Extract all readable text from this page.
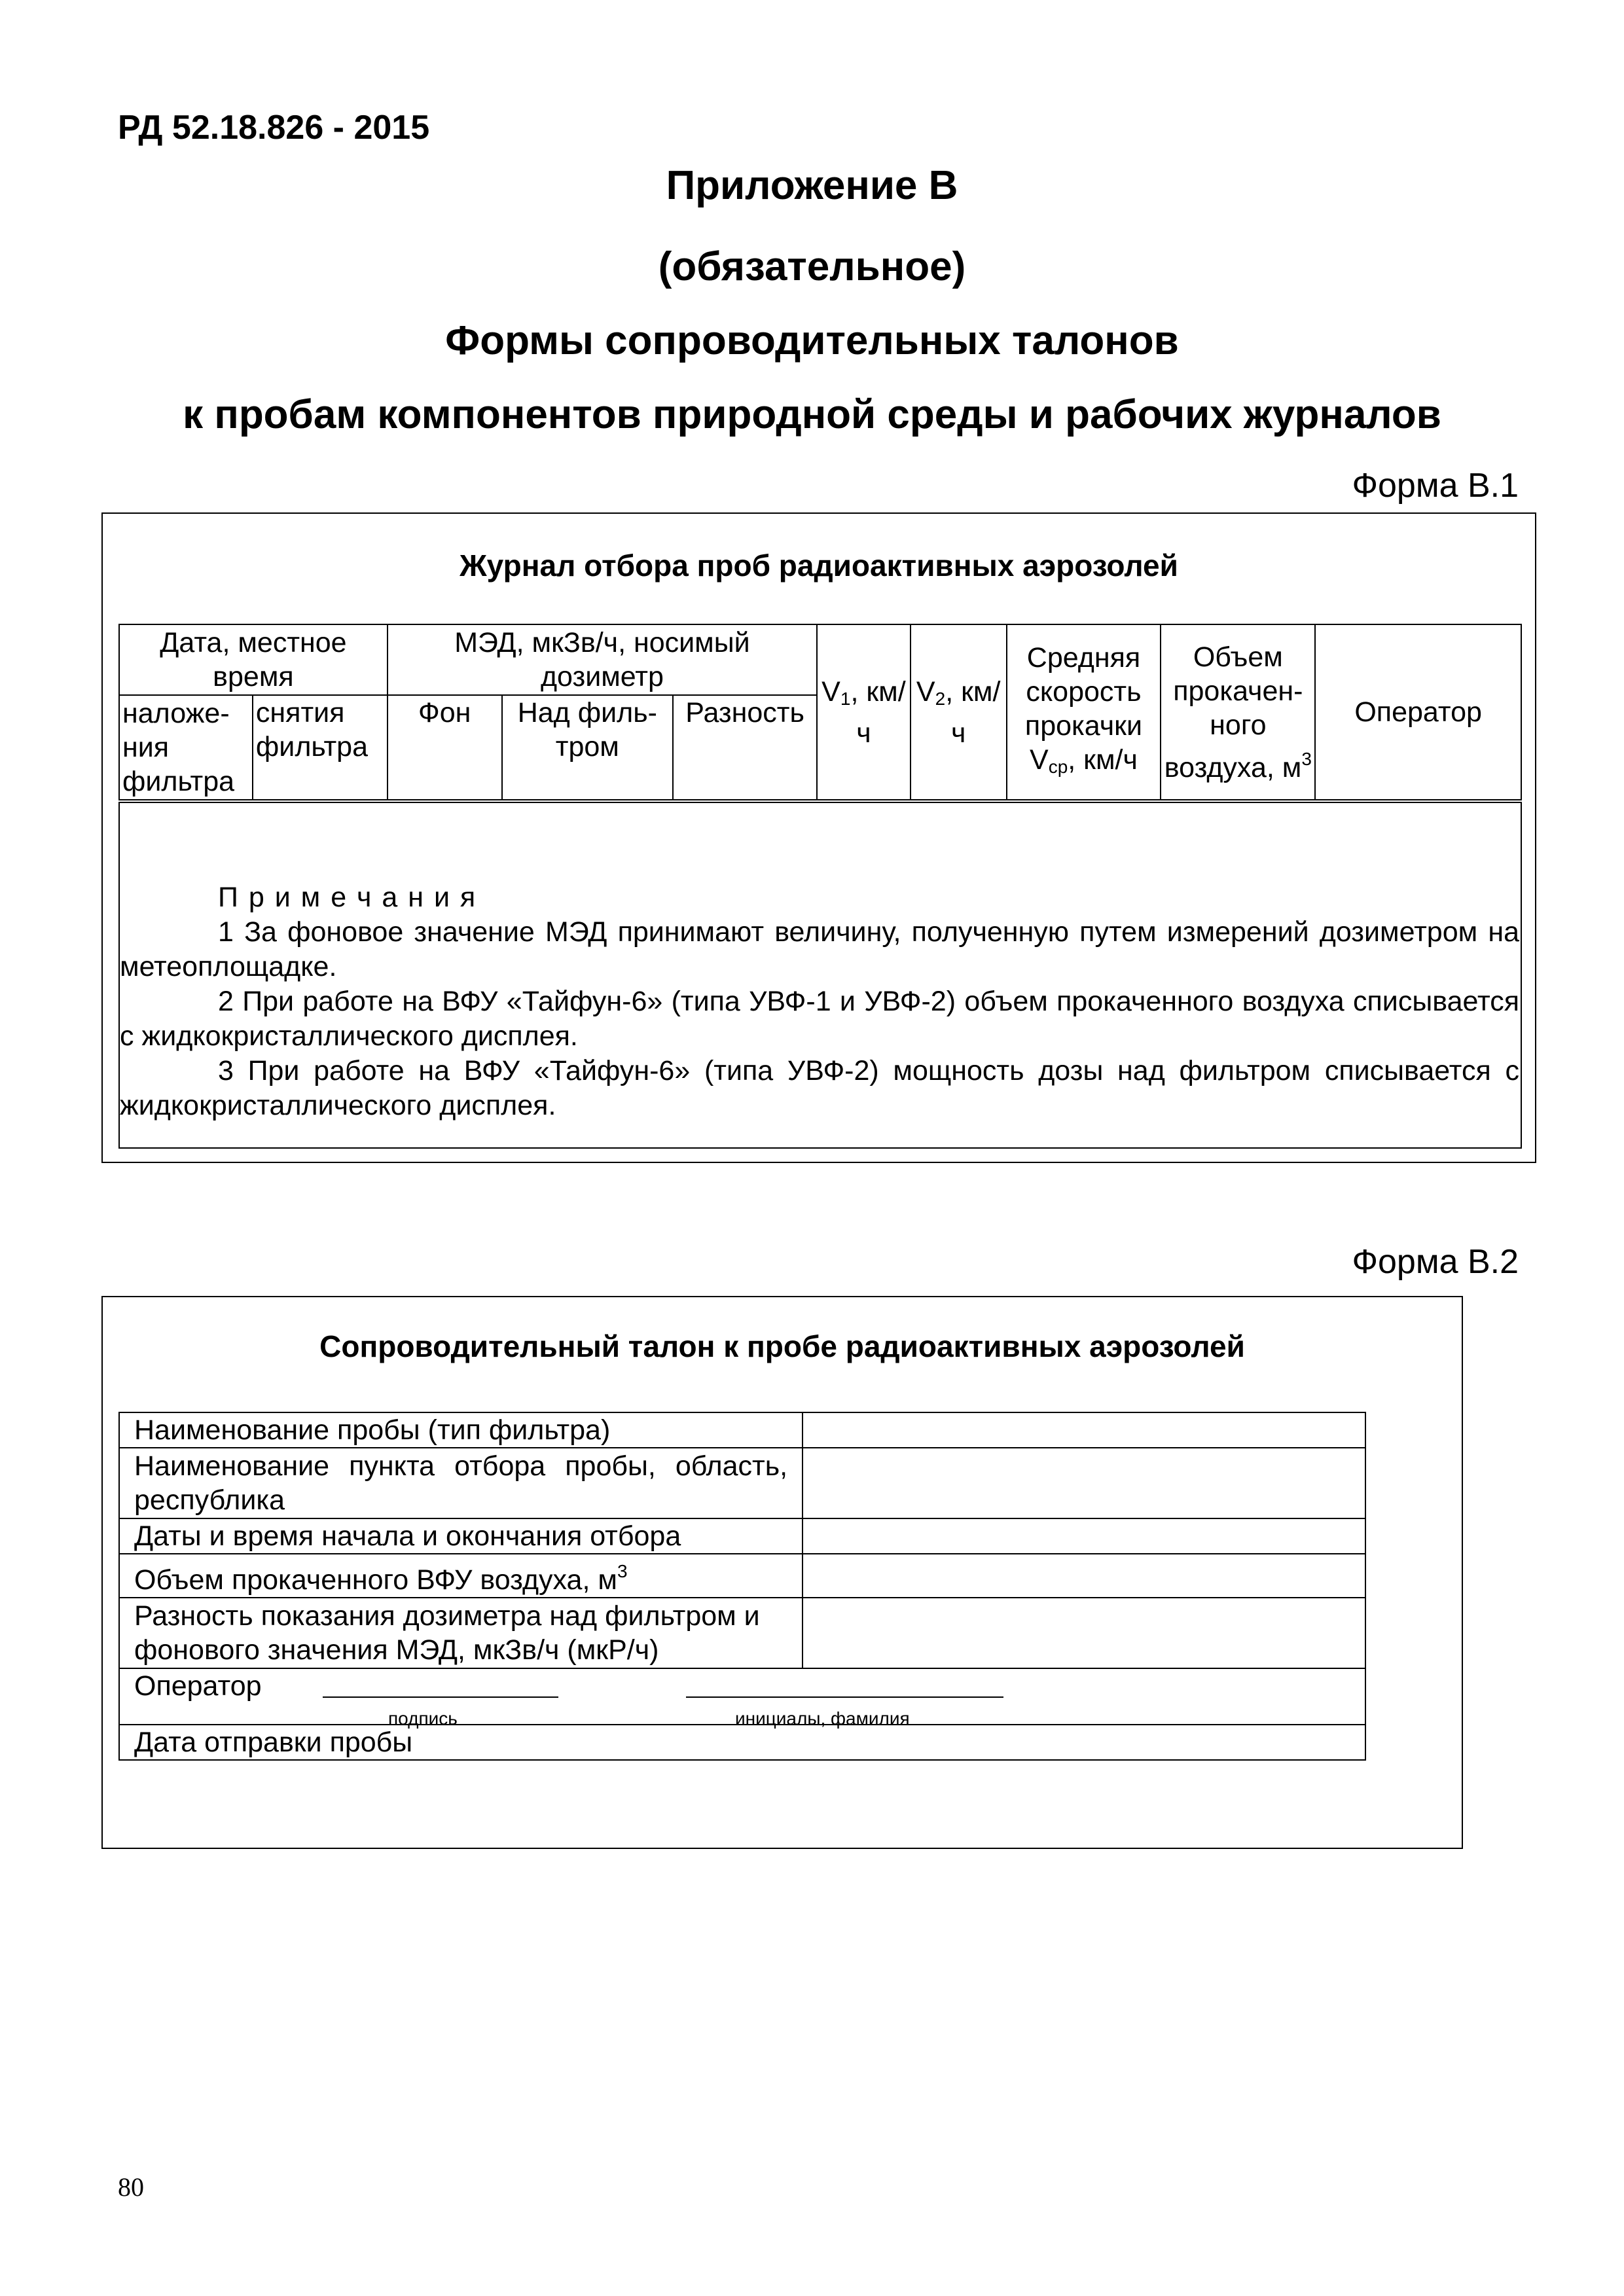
РД 52.18.826 - 2015
Приложение В
(обязательное)
Формы сопроводительных талонов
к пробам компонентов природной среды и рабочих журналов
Форма В.1
Журнал отбора проб радиоактивных аэрозолей
Дата, местное время		МЭД, мкЗв/ч, носимый дозиметр			$V_1$, км/ч	$V_2$, км/ч	Средняя скорость прокачки $V_{ср}$, км/ч	Объем прокачен-ного воздуха, $м^3$	Оператор
наложе-ния фильтра	снятия фильтра	Фон	Над филь-тром	Разность					
П р и м е ч а н и я
1 За фоновое значение МЭД принимают величину, полученную путем измерений дозиметром на метеоплощадке.
2 При работе на ВФУ «Тайфун-6» (типа УВФ-1 и УВФ-2) объем прокаченного воздуха списывается с жидкокристаллического дисплея.
3 При работе на ВФУ «Тайфун-6» (типа УВФ-2) мощность дозы над фильтром списывается с жидкокристаллического дисплея.
Форма В.2
Сопроводительный талон к пробе радиоактивных аэрозолей
Наименование пробы (тип фильтра)	
Наименование пункта отбора пробы, область, республика	
Даты и время начала и окончания отбора	
Объем прокаченного ВФУ воздуха, $м^3$	
Разность показания дозиметра над фильтром и фонового значения МЭД, мкЗв/ч (мкР/ч)	
Оператор
подпись инициалы, фамилия	

Дата отправки пробы	
80
